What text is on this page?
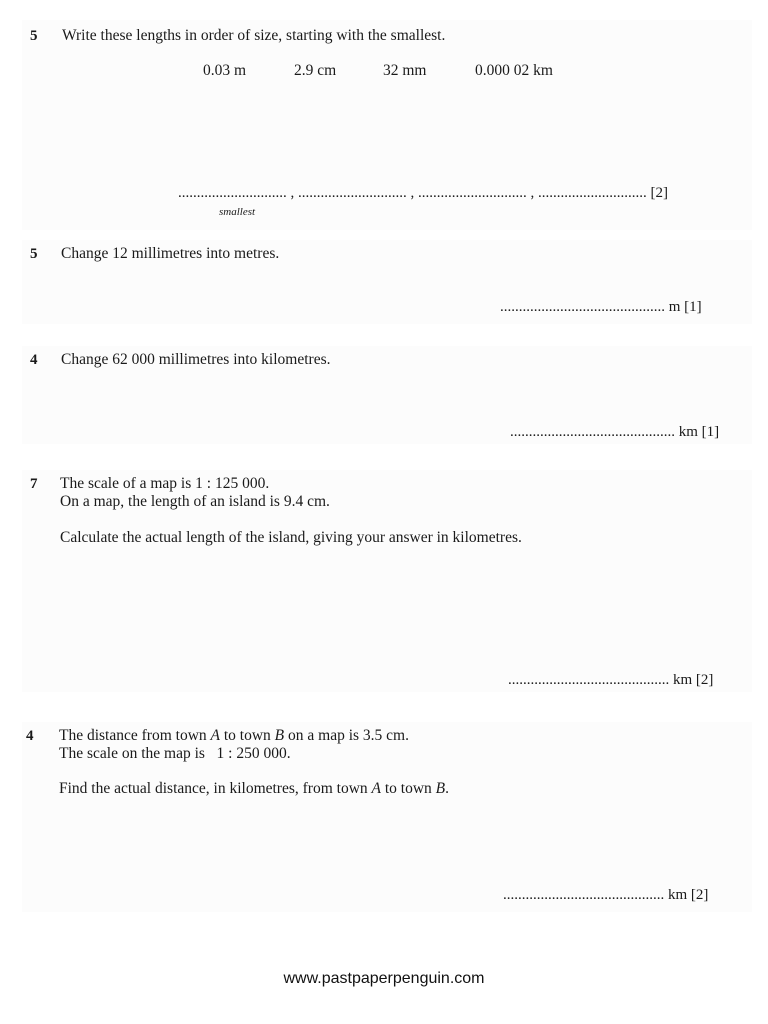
5 Write these lengths in order of size, starting with the smallest.
0.03 m	2.9 cm	32 mm	0.000 02 km
............................. , ............................. , ............................. , ............................. [2]
smallest
5 Change 12 millimetres into metres.
............................................ m [1]
4 Change 62 000 millimetres into kilometres.
............................................ km [1]
7 The scale of a map is 1 : 125 000.
On a map, the length of an island is 9.4 cm.
Calculate the actual length of the island, giving your answer in kilometres.
........................................... km [2]
4 The distance from town A to town B on a map is 3.5 cm.
The scale on the map is   1 : 250 000.
Find the actual distance, in kilometres, from town A to town B.
........................................... km [2]
www.pastpaperpenguin.com
